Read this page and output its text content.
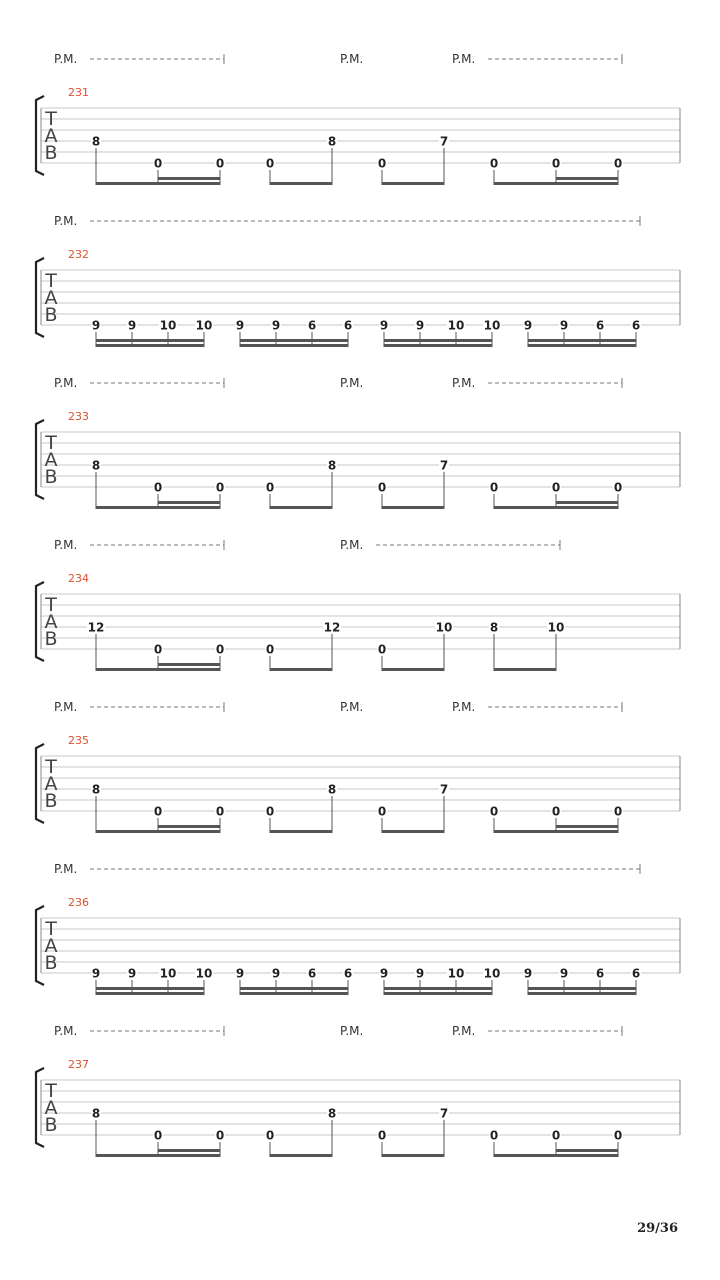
T
A
B
231
8
0	0	0
8
0
7
0	0	0
P.M.	P.M.	P.M.
T
A
B
232
9 9 10 10 9 9 6 6 9 9 10 10 9 9 6 6
P.M.
T
A
B
233
8
0	0	0
8
0
7
0	0	0
P.M.	P.M.	P.M.
T
A
B
234
12
0	0	0
12
0
10	8	10
P.M.	P.M.
T
A
B
235
8
0	0	0
8
0
7
0	0	0
P.M.	P.M.	P.M.
T
A
B
236
9 9 10 10 9 9 6 6 9 9 10 10 9 9 6 6
P.M.
T
A
B
237
8
0	0	0
8
0
7
0	0	0
P.M.	P.M.	P.M.
29/36
